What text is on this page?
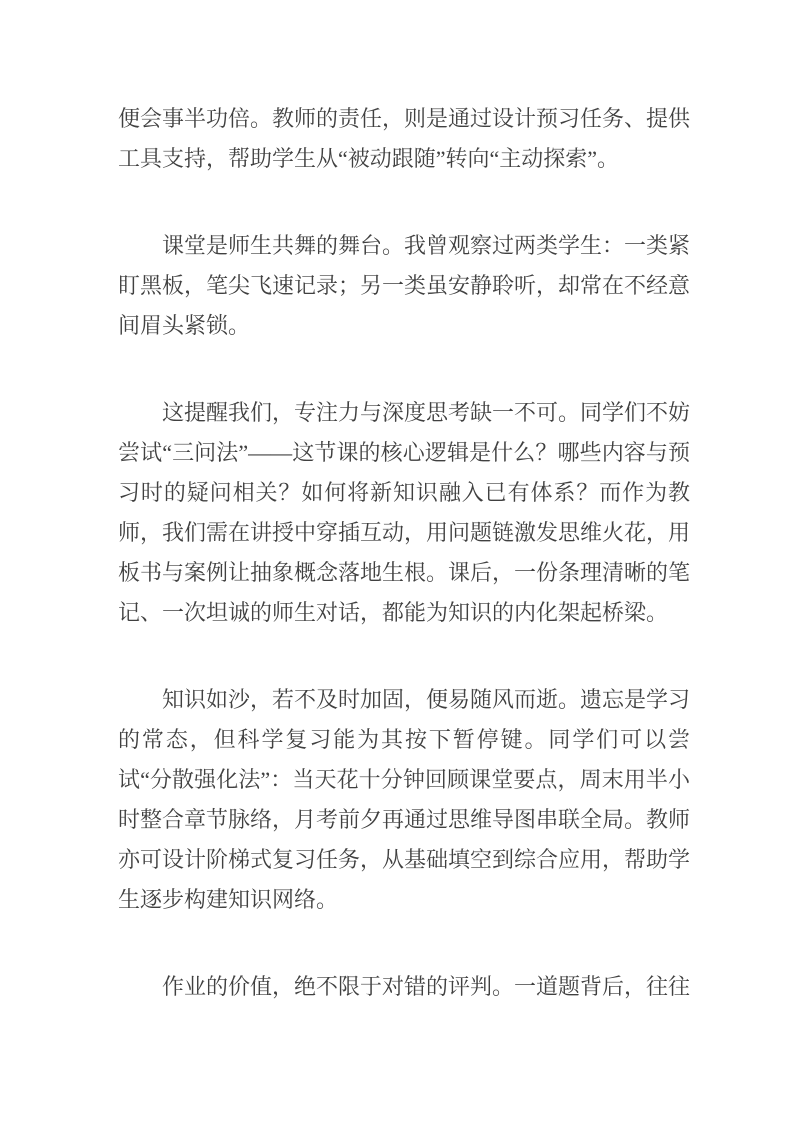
便会事半功倍。教师的责任，则是通过设计预习任务、提供工具支持，帮助学生从“被动跟随”转向“主动探索”。

课堂是师生共舞的舞台。我曾观察过两类学生：一类紧盯黑板，笔尖飞速记录；另一类虽安静聆听，却常在不经意间眉头紧锁。

这提醒我们，专注力与深度思考缺一不可。同学们不妨尝试“三问法”——这节课的核心逻辑是什么？哪些内容与预习时的疑问相关？如何将新知识融入已有体系？而作为教师，我们需在讲授中穿插互动，用问题链激发思维火花，用板书与案例让抽象概念落地生根。课后，一份条理清晰的笔记、一次坦诚的师生对话，都能为知识的内化架起桥梁。

知识如沙，若不及时加固，便易随风而逝。遗忘是学习的常态，但科学复习能为其按下暂停键。同学们可以尝试“分散强化法”：当天花十分钟回顾课堂要点，周末用半小时整合章节脉络，月考前夕再通过思维导图串联全局。教师亦可设计阶梯式复习任务，从基础填空到综合应用，帮助学生逐步构建知识网络。

作业的价值，绝不限于对错的评判。一道题背后，往往
